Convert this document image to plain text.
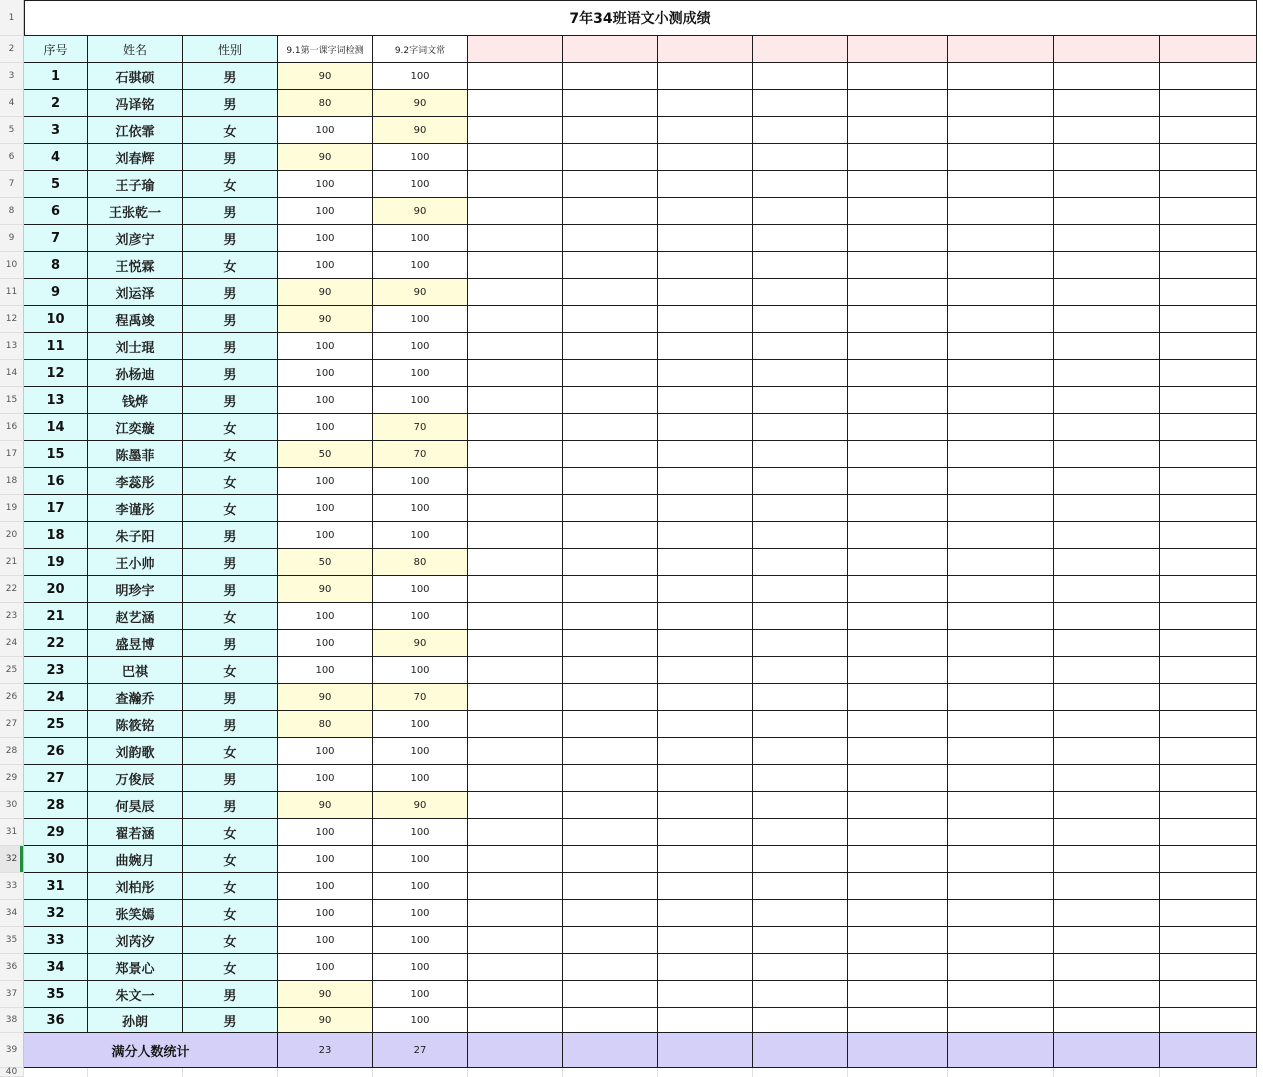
1
2
3
4
5
6
7
8
9
10
11
12
13
14
15
16
17
18
19
20
21
22
23
24
25
26
27
28
29
30
31
32
33
34
35
36
37
38
39
40
7年34班语文小测成绩
序号	姓名	性别	9.1第一课字词检测	9.2字词文常
1	石骐硕	男	90	100
2	冯译铭	男	80	90
3	江依霏	女	100	90
4	刘春辉	男	90	100
5	王子瑜	女	100	100
6	王张乾一	男	100	90
7	刘彦宁	男	100	100
8	王悦霖	女	100	100
9	刘运泽	男	90	90
10	程禹竣	男	90	100
11	刘士琨	男	100	100
12	孙杨迪	男	100	100
13	钱烨	男	100	100
14	江奕璇	女	100	70
15	陈墨菲	女	50	70
16	李蕊彤	女	100	100
17	李谨彤	女	100	100
18	朱子阳	男	100	100
19	王小帅	男	50	80
20	明珍宇	男	90	100
21	赵艺涵	女	100	100
22	盛昱博	男	100	90
23	巴祺	女	100	100
24	查瀚乔	男	90	70
25	陈筱铭	男	80	100
26	刘韵歌	女	100	100
27	万俊辰	男	100	100
28	何昊辰	男	90	90
29	翟若涵	女	100	100
30	曲婉月	女	100	100
31	刘柏彤	女	100	100
32	张笑嫣	女	100	100
33	刘芮汐	女	100	100
34	郑景心	女	100	100
35	朱文一	男	90	100
36	孙朗	男	90	100
满分人数统计	23	27
